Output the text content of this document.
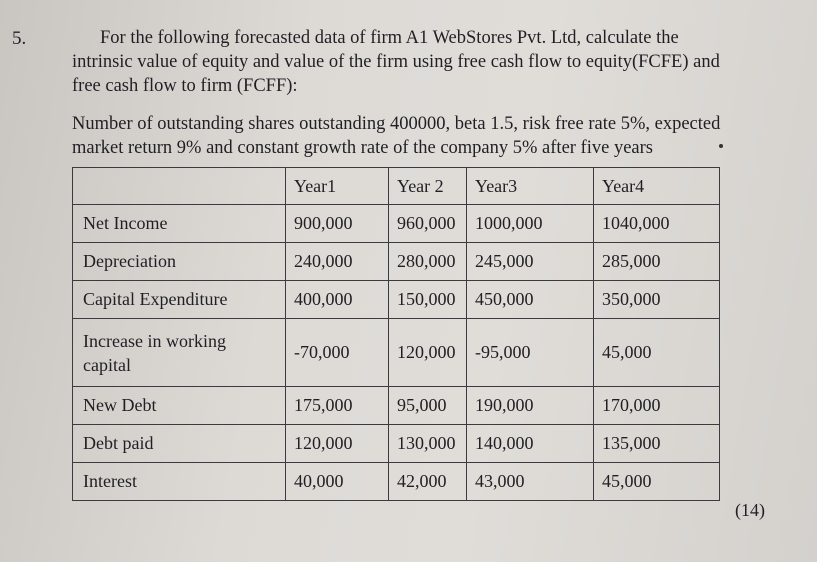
5.	For the following forecasted data of firm A1 WebStores Pvt. Ltd, calculate the
intrinsic value of equity and value of the firm using free cash flow to equity(FCFE) and
free cash flow to firm (FCFF):

Number of outstanding shares outstanding 400000, beta 1.5, risk free rate 5%, expected
market return 9% and constant growth rate of the company 5% after five years

	Year1	Year 2	Year3	Year4
Net Income	900,000	960,000	1000,000	1040,000
Depreciation	240,000	280,000	245,000	285,000
Capital Expenditure	400,000	150,000	450,000	350,000
Increase in working capital	-70,000	120,000	-95,000	45,000
New Debt	175,000	95,000	190,000	170,000
Debt paid	120,000	130,000	140,000	135,000
Interest	40,000	42,000	43,000	45,000
(14)
